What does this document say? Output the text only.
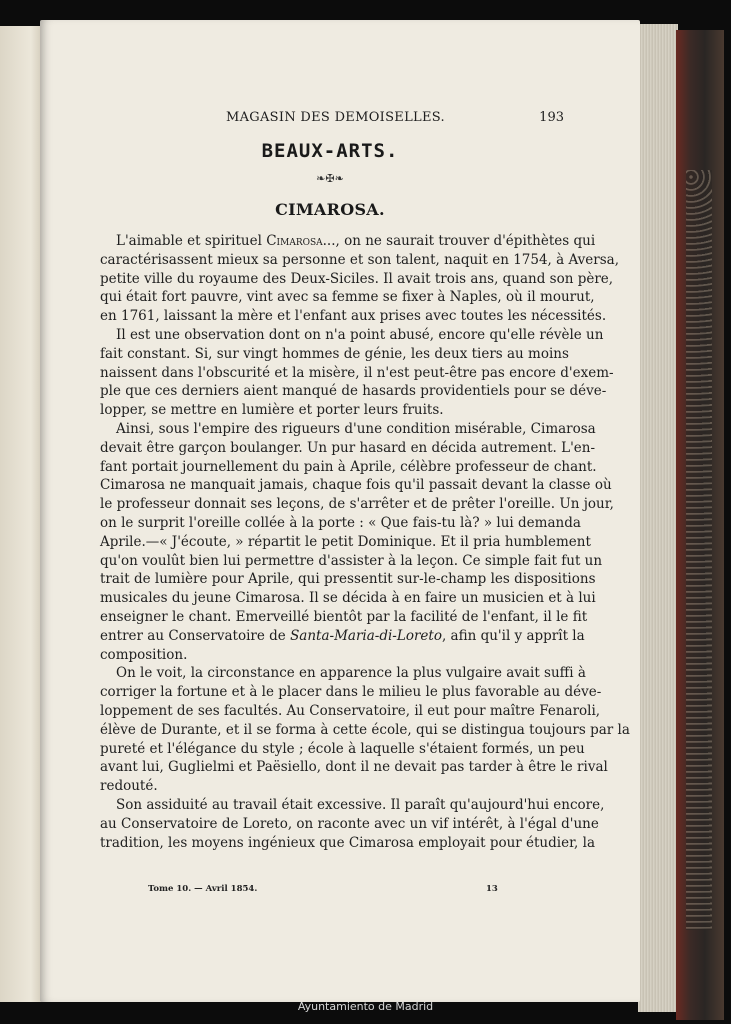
MAGASIN DES DEMOISELLES.	193
BEAUX-ARTS.
❧✠❧
CIMAROSA.
L'aimable et spirituel Cimarosa..., on ne saurait trouver d'épithètes qui
caractérisassent mieux sa personne et son talent, naquit en 1754, à Aversa,
petite ville du royaume des Deux-Siciles. Il avait trois ans, quand son père,
qui était fort pauvre, vint avec sa femme se fixer à Naples, où il mourut,
en 1761, laissant la mère et l'enfant aux prises avec toutes les nécessités.
Il est une observation dont on n'a point abusé, encore qu'elle révèle un
fait constant. Si, sur vingt hommes de génie, les deux tiers au moins
naissent dans l'obscurité et la misère, il n'est peut-être pas encore d'exem-
ple que ces derniers aient manqué de hasards providentiels pour se déve-
lopper, se mettre en lumière et porter leurs fruits.
Ainsi, sous l'empire des rigueurs d'une condition misérable, Cimarosa
devait être garçon boulanger. Un pur hasard en décida autrement. L'en-
fant portait journellement du pain à Aprile, célèbre professeur de chant.
Cimarosa ne manquait jamais, chaque fois qu'il passait devant la classe où
le professeur donnait ses leçons, de s'arrêter et de prêter l'oreille. Un jour,
on le surprit l'oreille collée à la porte : « Que fais-tu là? » lui demanda
Aprile.—« J'écoute, » répartit le petit Dominique. Et il pria humblement
qu'on voulût bien lui permettre d'assister à la leçon. Ce simple fait fut un
trait de lumière pour Aprile, qui pressentit sur-le-champ les dispositions
musicales du jeune Cimarosa. Il se décida à en faire un musicien et à lui
enseigner le chant. Emerveillé bientôt par la facilité de l'enfant, il le fit
entrer au Conservatoire de Santa-Maria-di-Loreto, afin qu'il y apprît la
composition.
On le voit, la circonstance en apparence la plus vulgaire avait suffi à
corriger la fortune et à le placer dans le milieu le plus favorable au déve-
loppement de ses facultés. Au Conservatoire, il eut pour maître Fenaroli,
élève de Durante, et il se forma à cette école, qui se distingua toujours par la
pureté et l'élégance du style ; école à laquelle s'étaient formés, un peu
avant lui, Guglielmi et Paësiello, dont il ne devait pas tarder à être le rival
redouté.
Son assiduité au travail était excessive. Il paraît qu'aujourd'hui encore,
au Conservatoire de Loreto, on raconte avec un vif intérêt, à l'égal d'une
tradition, les moyens ingénieux que Cimarosa employait pour étudier, la
Tome 10. — Avril 1854.	13
Ayuntamiento de Madrid
